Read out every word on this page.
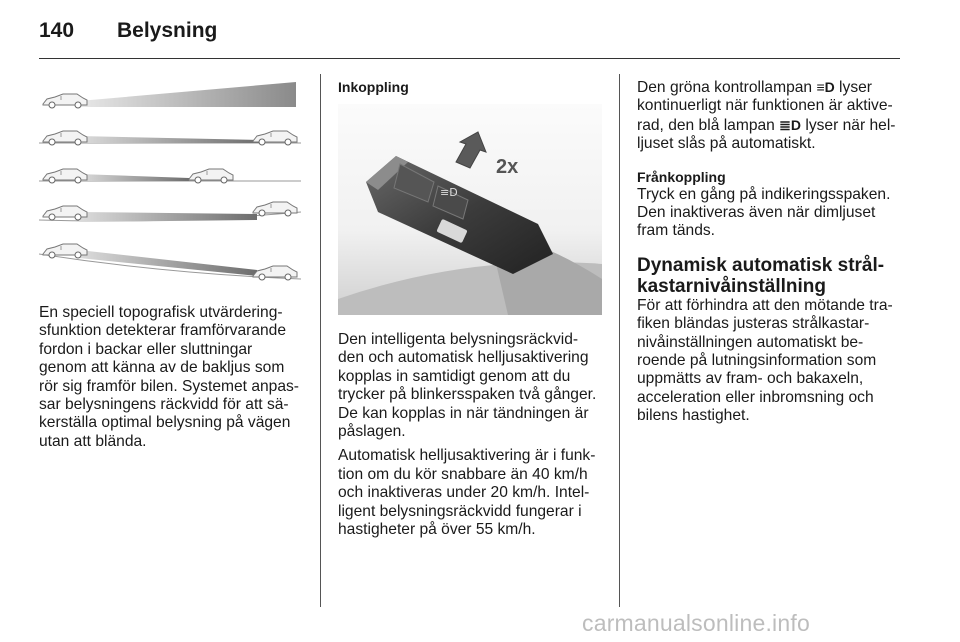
140 Belysning

En speciell topografisk utvärdering-
sfunktion detekterar framförvarande
fordon i backar eller sluttningar
genom att känna av de bakljus som
rör sig framför bilen. Systemet anpas-
sar belysningens räckvidd för att sä-
kerställa optimal belysning på vägen
utan att blända.

Inkoppling
≡D
2x

Den intelligenta belysningsräckvid-
den och automatisk helljusaktivering
kopplas in samtidigt genom att du
trycker på blinkersspaken två gånger.
De kan kopplas in när tändningen är
påslagen.

Automatisk helljusaktivering är i funk-
tion om du kör snabbare än 40 km/h
och inaktiveras under 20 km/h. Intel-
ligent belysningsräckvidd fungerar i
hastigheter på över 55 km/h.

Den gröna kontrollampan ≡D lyser
kontinuerligt när funktionen är aktive-
rad, den blå lampan ≣D lyser när hel-
ljuset slås på automatiskt.

Frånkoppling

Tryck en gång på indikeringsspaken.
Den inaktiveras även när dimljuset
fram tänds.

Dynamisk automatisk strål-
kastarnivåinställning

För att förhindra att den mötande tra-
fiken bländas justeras strålkastar-
nivåinställningen automatiskt be-
roende på lutningsinformation som
uppmätts av fram- och bakaxeln,
acceleration eller inbromsning och
bilens hastighet.

carmanualsonline.info
